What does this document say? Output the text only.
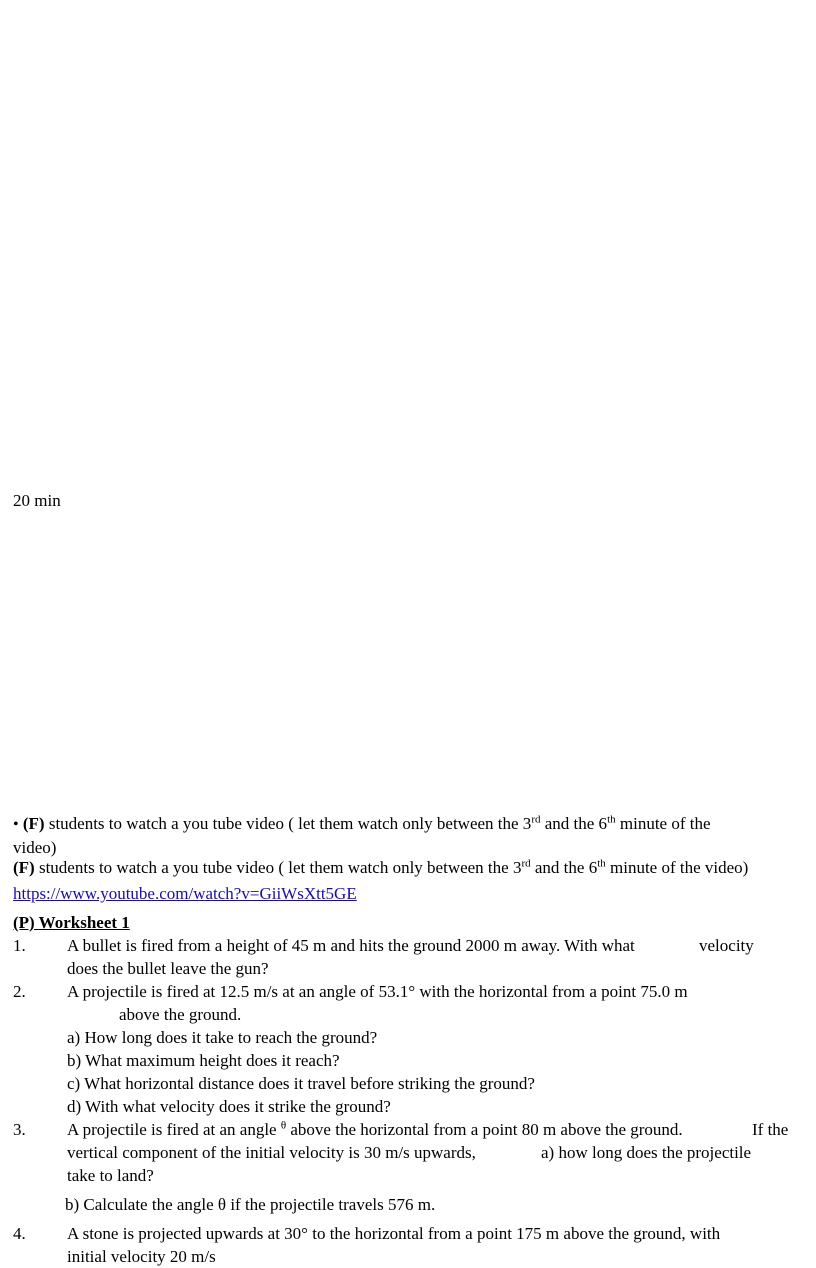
20 min
• (F) students to watch a you tube video ( let them watch only between the 3rd and the 6th minute of the
video)
(F) students to watch a you tube video ( let them watch only between the 3rd and the 6th minute of the video)
https://www.youtube.com/watch?v=GiiWsXtt5GE
(P) Worksheet 1
1. A bullet is fired from a height of 45 m and hits the ground 2000 m away. With what	velocity
does the bullet leave the gun?
2. A projectile is fired at 12.5 m/s at an angle of 53.1° with the horizontal from a point 75.0 m
above the ground.
a) How long does it take to reach the ground?
b) What maximum height does it reach?
c) What horizontal distance does it travel before striking the ground?
d) With what velocity does it strike the ground?
3. A projectile is fired at an angle $^\theta$ above the horizontal from a point 80 m above the ground.	If the
vertical component of the initial velocity is 30 m/s upwards,	a) how long does the projectile
take to land?
b) Calculate the angle θ if the projectile travels 576 m.
4. A stone is projected upwards at 30° to the horizontal from a point 175 m above the ground, with
initial velocity 20 m/s
